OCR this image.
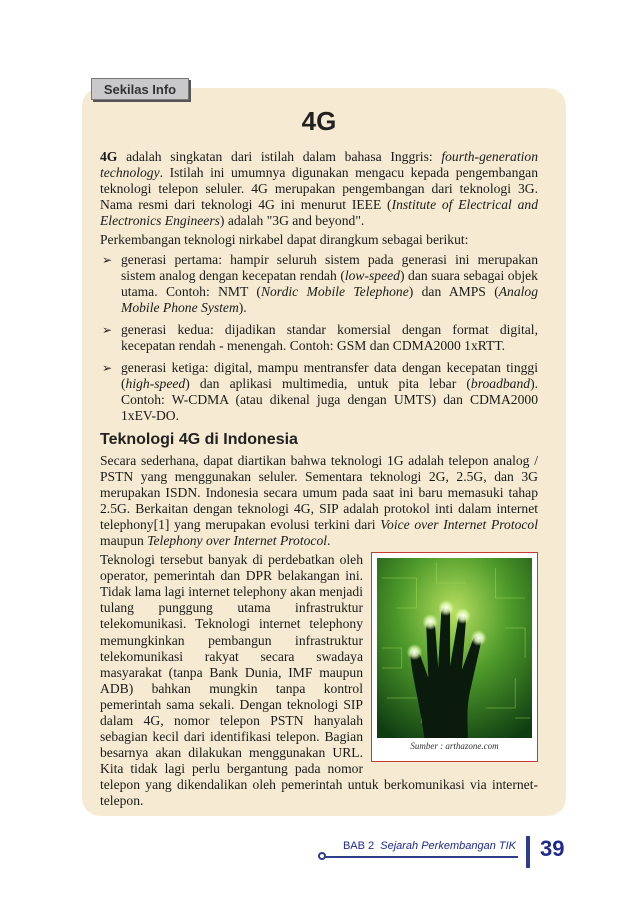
Sekilas Info
4G

4G adalah singkatan dari istilah dalam bahasa Inggris: fourth-generation technology. Istilah ini umumnya digunakan mengacu kepada pengembangan teknologi telepon seluler. 4G merupakan pengembangan dari teknologi 3G. Nama resmi dari teknologi 4G ini menurut IEEE (Institute of Electrical and Electronics Engineers) adalah "3G and beyond".

Perkembangan teknologi nirkabel dapat dirangkum sebagai berikut:

➢ generasi pertama: hampir seluruh sistem pada generasi ini merupakan sistem analog dengan kecepatan rendah (low-speed) dan suara sebagai objek utama. Contoh: NMT (Nordic Mobile Telephone) dan AMPS (Analog Mobile Phone System).
➢ generasi kedua: dijadikan standar komersial dengan format digital, kecepatan rendah - menengah. Contoh: GSM dan CDMA2000 1xRTT.
➢ generasi ketiga: digital, mampu mentransfer data dengan kecepatan tinggi (high-speed) dan aplikasi multimedia, untuk pita lebar (broadband). Contoh: W-CDMA (atau dikenal juga dengan UMTS) dan CDMA2000 1xEV-DO.
Teknologi 4G di Indonesia

Secara sederhana, dapat diartikan bahwa teknologi 1G adalah telepon analog / PSTN yang menggunakan seluler. Sementara teknologi 2G, 2.5G, dan 3G merupakan ISDN. Indonesia secara umum pada saat ini baru memasuki tahap 2.5G. Berkaitan dengan teknologi 4G, SIP adalah protokol inti dalam internet telephony[1] yang merupakan evolusi terkini dari Voice over Internet Protocol maupun Telephony over Internet Protocol.

Sumber : arthazone.com

Teknologi tersebut banyak di perdebatkan oleh operator, pemerintah dan DPR belakangan ini. Tidak lama lagi internet telephony akan menjadi tulang punggung utama infrastruktur telekomunikasi. Teknologi internet telephony memungkinkan pembangun infrastruktur telekomunikasi rakyat secara swadaya masyarakat (tanpa Bank Dunia, IMF maupun ADB) bahkan mungkin tanpa kontrol pemerintah sama sekali. Dengan teknologi SIP dalam 4G, nomor telepon PSTN hanyalah sebagian kecil dari identifikasi telepon. Bagian besarnya akan dilakukan menggunakan URL. Kita tidak lagi perlu bergantung pada nomor telepon yang dikendalikan oleh pemerintah untuk berkomunikasi via internet-telepon.

BAB 2 Sejarah Perkembangan TIK 39
